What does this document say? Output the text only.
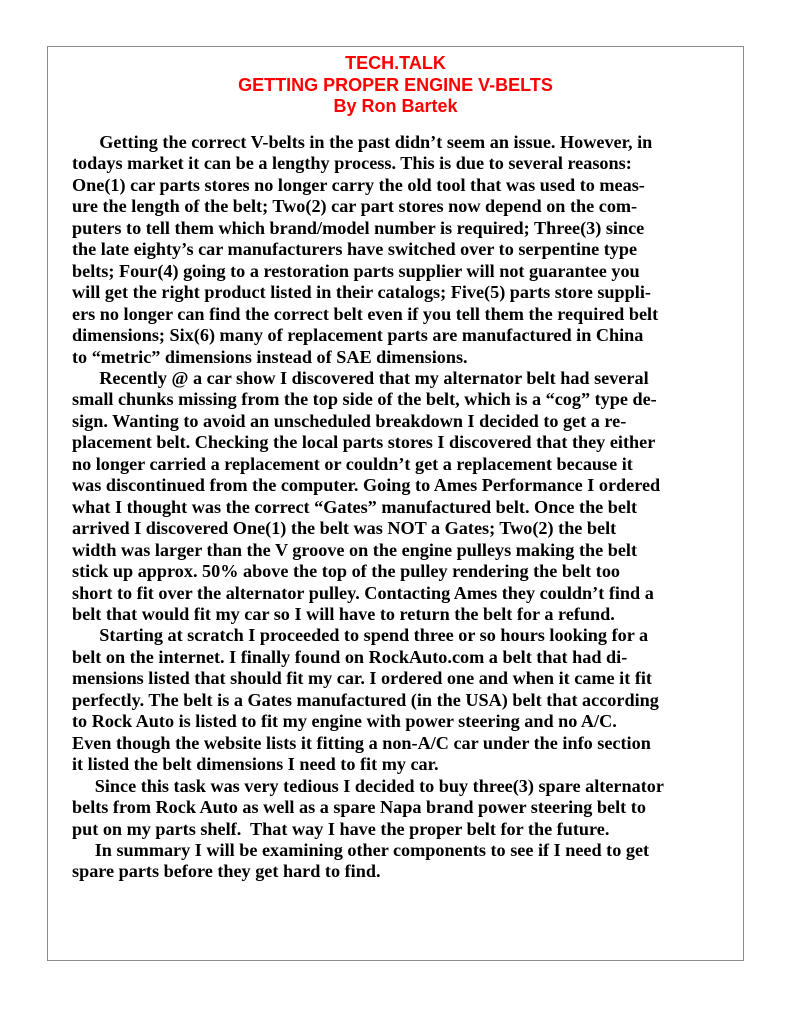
TECH.TALK
GETTING PROPER ENGINE V-BELTS
By Ron Bartek
Getting the correct V-belts in the past didn’t seem an issue. However, in
todays market it can be a lengthy process. This is due to several reasons:
One(1) car parts stores no longer carry the old tool that was used to meas-
ure the length of the belt; Two(2) car part stores now depend on the com-
puters to tell them which brand/model number is required; Three(3) since
the late eighty’s car manufacturers have switched over to serpentine type
belts; Four(4) going to a restoration parts supplier will not guarantee you
will get the right product listed in their catalogs; Five(5) parts store suppli-
ers no longer can find the correct belt even if you tell them the required belt
dimensions; Six(6) many of replacement parts are manufactured in China
to “metric” dimensions instead of SAE dimensions.
Recently @ a car show I discovered that my alternator belt had several
small chunks missing from the top side of the belt, which is a “cog” type de-
sign. Wanting to avoid an unscheduled breakdown I decided to get a re-
placement belt. Checking the local parts stores I discovered that they either
no longer carried a replacement or couldn’t get a replacement because it
was discontinued from the computer. Going to Ames Performance I ordered
what I thought was the correct “Gates” manufactured belt. Once the belt
arrived I discovered One(1) the belt was NOT a Gates; Two(2) the belt
width was larger than the V groove on the engine pulleys making the belt
stick up approx. 50% above the top of the pulley rendering the belt too
short to fit over the alternator pulley. Contacting Ames they couldn’t find a
belt that would fit my car so I will have to return the belt for a refund.
Starting at scratch I proceeded to spend three or so hours looking for a
belt on the internet. I finally found on RockAuto.com a belt that had di-
mensions listed that should fit my car. I ordered one and when it came it fit
perfectly. The belt is a Gates manufactured (in the USA) belt that according
to Rock Auto is listed to fit my engine with power steering and no A/C.
Even though the website lists it fitting a non-A/C car under the info section
it listed the belt dimensions I need to fit my car.
Since this task was very tedious I decided to buy three(3) spare alternator
belts from Rock Auto as well as a spare Napa brand power steering belt to
put on my parts shelf.  That way I have the proper belt for the future.
In summary I will be examining other components to see if I need to get
spare parts before they get hard to find.
